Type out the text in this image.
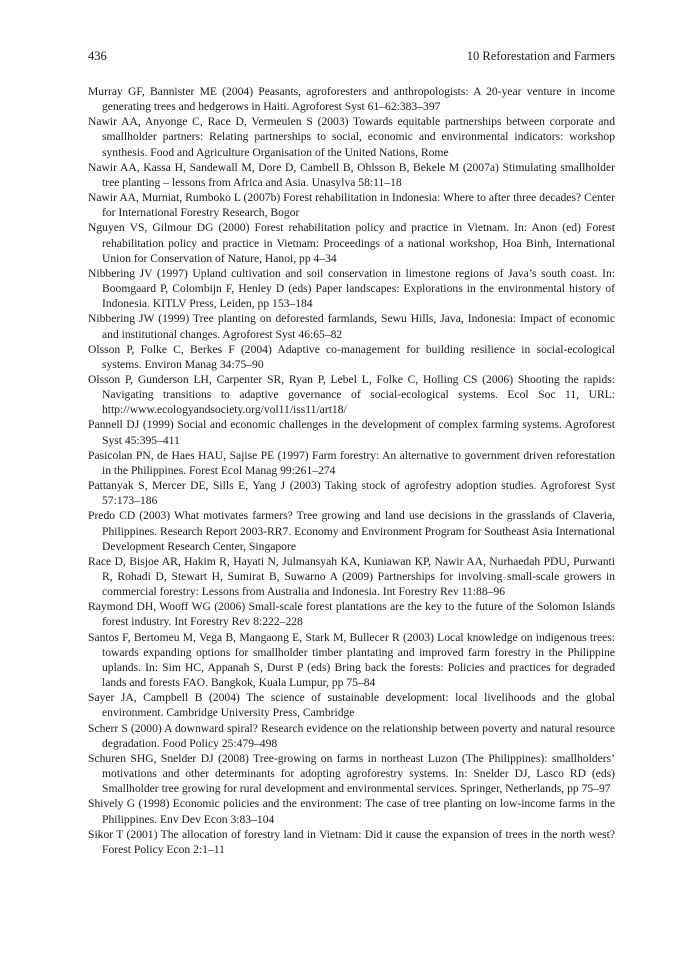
436	10 Reforestation and Farmers
Murray GF, Bannister ME (2004) Peasants, agroforesters and anthropologists: A 20-year venture in income generating trees and hedgerows in Haiti. Agroforest Syst 61–62:383–397
Nawir AA, Anyonge C, Race D, Vermeulen S (2003) Towards equitable partnerships between corporate and smallholder partners: Relating partnerships to social, economic and environmental indicators: workshop synthesis. Food and Agriculture Organisation of the United Nations, Rome
Nawir AA, Kassa H, Sandewall M, Dore D, Cambell B, Ohlsson B, Bekele M (2007a) Stimulating smallholder tree planting – lessons from Africa and Asia. Unasylva 58:11–18
Nawir AA, Murniat, Rumboko L (2007b) Forest rehabilitation in Indonesia: Where to after three decades? Center for International Forestry Research, Bogor
Nguyen VS, Gilmour DG (2000) Forest rehabilitation policy and practice in Vietnam. In: Anon (ed) Forest rehabilitation policy and practice in Vietnam: Proceedings of a national workshop, Hoa Binh, International Union for Conservation of Nature, Hanoi, pp 4–34
Nibbering JV (1997) Upland cultivation and soil conservation in limestone regions of Java’s south coast. In: Boomgaard P, Colombijn F, Henley D (eds) Paper landscapes: Explorations in the environmental history of Indonesia. KITLV Press, Leiden, pp 153–184
Nibbering JW (1999) Tree planting on deforested farmlands, Sewu Hills, Java, Indonesia: Impact of economic and institutional changes. Agroforest Syst 46:65–82
Olsson P, Folke C, Berkes F (2004) Adaptive co-management for building resilience in social-ecological systems. Environ Manag 34:75–90
Olsson P, Gunderson LH, Carpenter SR, Ryan P, Lebel L, Folke C, Holling CS (2006) Shooting the rapids: Navigating transitions to adaptive governance of social-ecological systems. Ecol Soc 11, URL: http://www.ecologyandsociety.org/vol11/iss11/art18/
Pannell DJ (1999) Social and economic challenges in the development of complex farming systems. Agroforest Syst 45:395–411
Pasicolan PN, de Haes HAU, Sajise PE (1997) Farm forestry: An alternative to government driven reforestation in the Philippines. Forest Ecol Manag 99:261–274
Pattanyak S, Mercer DE, Sills E, Yang J (2003) Taking stock of agrofestry adoption studies. Agroforest Syst 57:173–186
Predo CD (2003) What motivates farmers? Tree growing and land use decisions in the grasslands of Claveria, Philippines. Research Report 2003-RR7. Economy and Environment Program for Southeast Asia International Development Research Center, Singapore
Race D, Bisjoe AR, Hakim R, Hayati N, Julmansyah KA, Kuniawan KP, Nawir AA, Nurhaedah PDU, Purwanti R, Rohadi D, Stewart H, Sumirat B, Suwarno A (2009) Partnerships for involving small-scale growers in commercial forestry: Lessons from Australia and Indonesia. Int Forestry Rev 11:88–96
Raymond DH, Wooff WG (2006) Small-scale forest plantations are the key to the future of the Solomon Islands forest industry. Int Forestry Rev 8:222–228
Santos F, Bertomeu M, Vega B, Mangaong E, Stark M, Bullecer R (2003) Local knowledge on indigenous trees: towards expanding options for smallholder timber plantating and improved farm forestry in the Philippine uplands. In: Sim HC, Appanah S, Durst P (eds) Bring back the forests: Policies and practices for degraded lands and forests FAO. Bangkok, Kuala Lumpur, pp 75–84
Sayer JA, Campbell B (2004) The science of sustainable development: local livelihoods and the global environment. Cambridge University Press, Cambridge
Scherr S (2000) A downward spiral? Research evidence on the relationship between poverty and natural resource degradation. Food Policy 25:479–498
Schuren SHG, Snelder DJ (2008) Tree-growing on farms in northeast Luzon (The Philippines): smallholders’ motivations and other determinants for adopting agroforestry systems. In: Snelder DJ, Lasco RD (eds) Smallholder tree growing for rural development and environmental services. Springer, Netherlands, pp 75–97
Shively G (1998) Economic policies and the environment: The case of tree planting on low-income farms in the Philippines. Env Dev Econ 3:83–104
Sikor T (2001) The allocation of forestry land in Vietnam: Did it cause the expansion of trees in the north west? Forest Policy Econ 2:1–11
